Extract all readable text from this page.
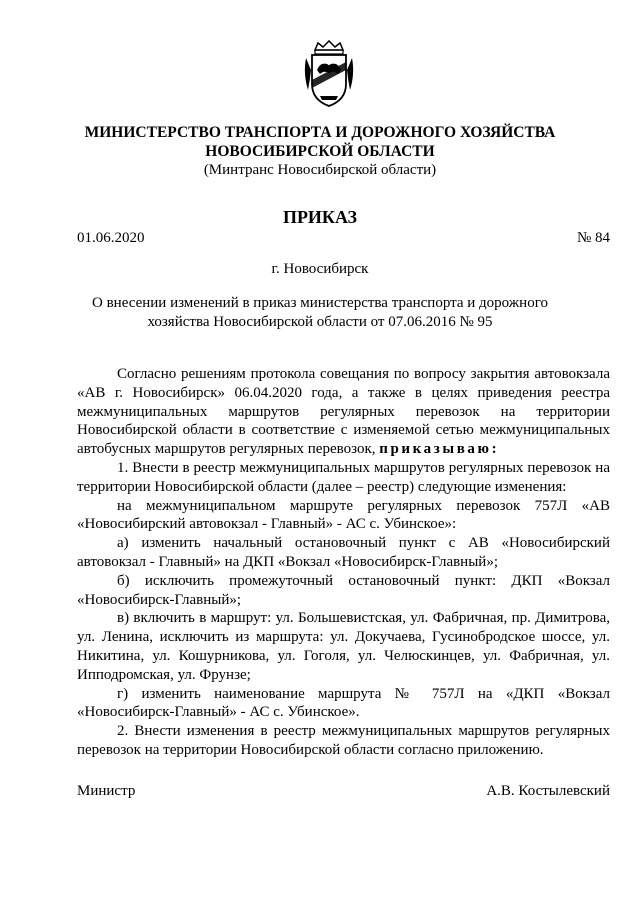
МИНИСТЕРСТВО ТРАНСПОРТА И ДОРОЖНОГО ХОЗЯЙСТВА
НОВОСИБИРСКОЙ ОБЛАСТИ
(Минтранс Новосибирской области)
ПРИКАЗ
01.06.2020	№ 84
г. Новосибирск
О внесении изменений в приказ министерства транспорта и дорожного
хозяйства Новосибирской области от 07.06.2016 № 95

Согласно решениям протокола совещания по вопросу закрытия автовокзала «АВ г. Новосибирск» 06.04.2020 года, а также в целях приведения реестра межмуниципальных маршрутов регулярных перевозок на территории Новосибирской области в соответствие с изменяемой сетью межмуниципальных автобусных маршрутов регулярных перевозок, приказываю:

1. Внести в реестр межмуниципальных маршрутов регулярных перевозок на территории Новосибирской области (далее – реестр) следующие изменения:

на межмуниципальном маршруте регулярных перевозок 757Л «АВ «Новосибирский автовокзал - Главный» - АС с. Убинское»:

а) изменить начальный остановочный пункт с АВ «Новосибирский автовокзал - Главный» на ДКП «Вокзал «Новосибирск-Главный»;

б) исключить промежуточный остановочный пункт: ДКП «Вокзал «Новосибирск-Главный»;

в) включить в маршрут: ул. Большевистская, ул. Фабричная, пр. Димитрова, ул. Ленина, исключить из маршрута: ул. Докучаева, Гусинобродское шоссе, ул. Никитина, ул. Кошурникова, ул. Гоголя, ул. Челюскинцев, ул. Фабричная, ул. Ипподромская, ул. Фрунзе;

г) изменить наименование маршрута № 757Л на «ДКП «Вокзал «Новосибирск-Главный» - АС с. Убинское».

2. Внести изменения в реестр межмуниципальных маршрутов регулярных перевозок на территории Новосибирской области согласно приложению.

Министр	А.В. Костылевский
